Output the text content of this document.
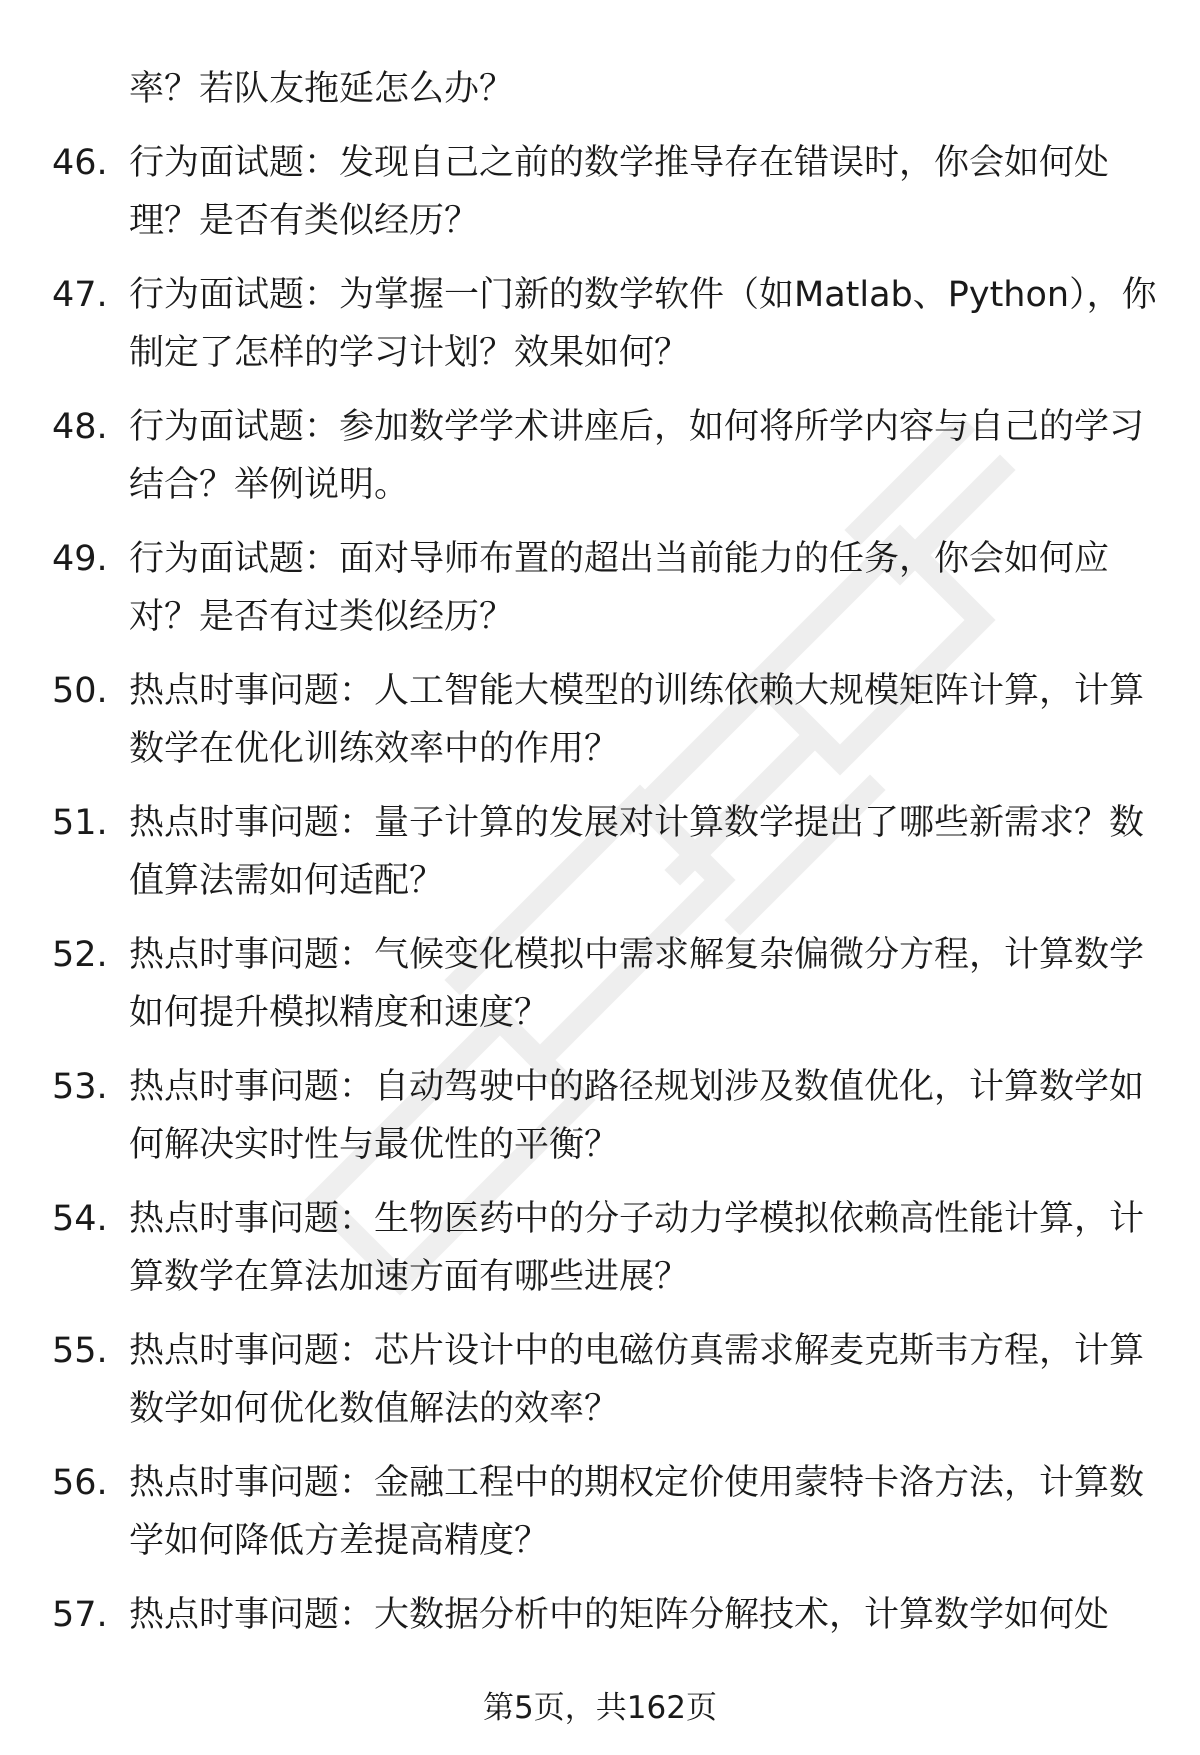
率？若队友拖延怎么办？
46. 行为面试题：发现自己之前的数学推导存在错误时，你会如何处理？是否有类似经历？
47. 行为面试题：为掌握一门新的数学软件（如Matlab、Python），你制定了怎样的学习计划？效果如何？
48. 行为面试题：参加数学学术讲座后，如何将所学内容与自己的学习结合？举例说明。
49. 行为面试题：面对导师布置的超出当前能力的任务，你会如何应对？是否有过类似经历？
50. 热点时事问题：人工智能大模型的训练依赖大规模矩阵计算，计算数学在优化训练效率中的作用？
51. 热点时事问题：量子计算的发展对计算数学提出了哪些新需求？数值算法需如何适配？
52. 热点时事问题：气候变化模拟中需求解复杂偏微分方程，计算数学如何提升模拟精度和速度？
53. 热点时事问题：自动驾驶中的路径规划涉及数值优化，计算数学如何解决实时性与最优性的平衡？
54. 热点时事问题：生物医药中的分子动力学模拟依赖高性能计算，计算数学在算法加速方面有哪些进展？
55. 热点时事问题：芯片设计中的电磁仿真需求解麦克斯韦方程，计算数学如何优化数值解法的效率？
56. 热点时事问题：金融工程中的期权定价使用蒙特卡洛方法，计算数学如何降低方差提高精度？
57. 热点时事问题：大数据分析中的矩阵分解技术，计算数学如何处
第5页，共162页
